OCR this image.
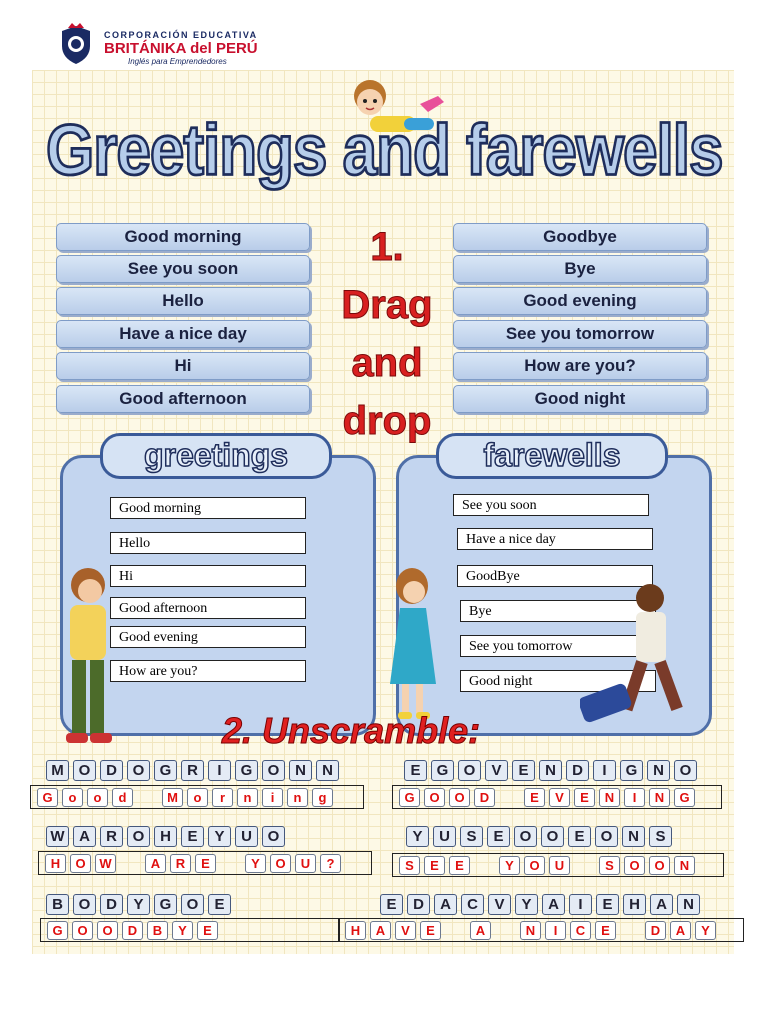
CORPORACIÓN EDUCATIVA
BRITÁNIKA del PERÚ
Inglés para Emprendedores
Greetings and farewells
Good morning
See you soon
Hello
Have a nice day
Hi
Good afternoon
Goodbye
Bye
Good evening
See you tomorrow
How are you?
Good night
1.
Drag
and
drop
greetings
Good morning
Hello
Hi
Good afternoon
Good evening
How are you?
farewells
See you soon
Have a nice day
GoodBye
Bye
See you tomorrow
Good night
2. Unscramble:
M O	D	O	G	R	I	G	O	N	N
G	o	o	d	M	o	r	n	i	n	g
E	G	O	V	E	N	D	I	G	N	O
G	O	O	D	E	V	E	N	I	N	G
W A	R	O	H	E	Y	U	O
H	O	W	A	R	E	Y	O	U	?
Y	U	S	E	O	O	E	O	N	S
S	E	E	Y	O	U	S	O	O	N
B	O	D	Y	G	O	E
G	O	O	D	B	Y	E
E	D	A	C	V	Y	A	I	E	H	A	N
H	A	V	E	A	N	I	C	E	D	A	Y
